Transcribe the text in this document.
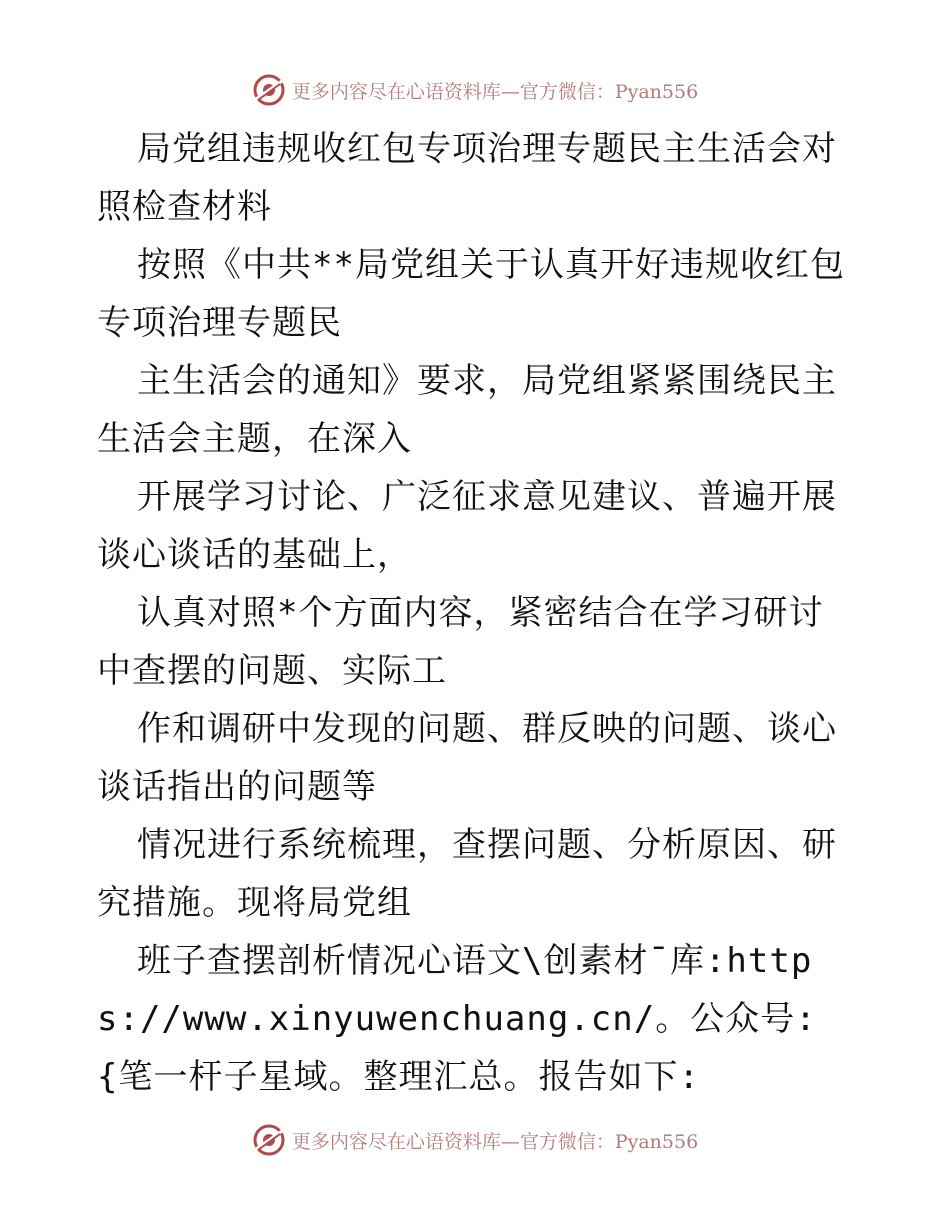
更多内容尽在心语资料库—官方微信：Pyan556

局党组违规收红包专项治理专题民主生活会对照检查材料

按照《中共**局党组关于认真开好违规收红包专项治理专题民

主生活会的通知》要求，局党组紧紧围绕民主生活会主题，在深入

开展学习讨论、广泛征求意见建议、普遍开展谈心谈话的基础上，

认真对照*个方面内容，紧密结合在学习研讨中查摆的问题、实际工

作和调研中发现的问题、群反映的问题、谈心谈话指出的问题等

情况进行系统梳理，查摆问题、分析原因、研究措施。现将局党组

班子查摆剖析情况心语文\创素材¯库:https://www.xinyuwenchuang.cn/。公众号:{笔一杆子星域。整理汇总。报告如下:

更多内容尽在心语资料库—官方微信：Pyan556
